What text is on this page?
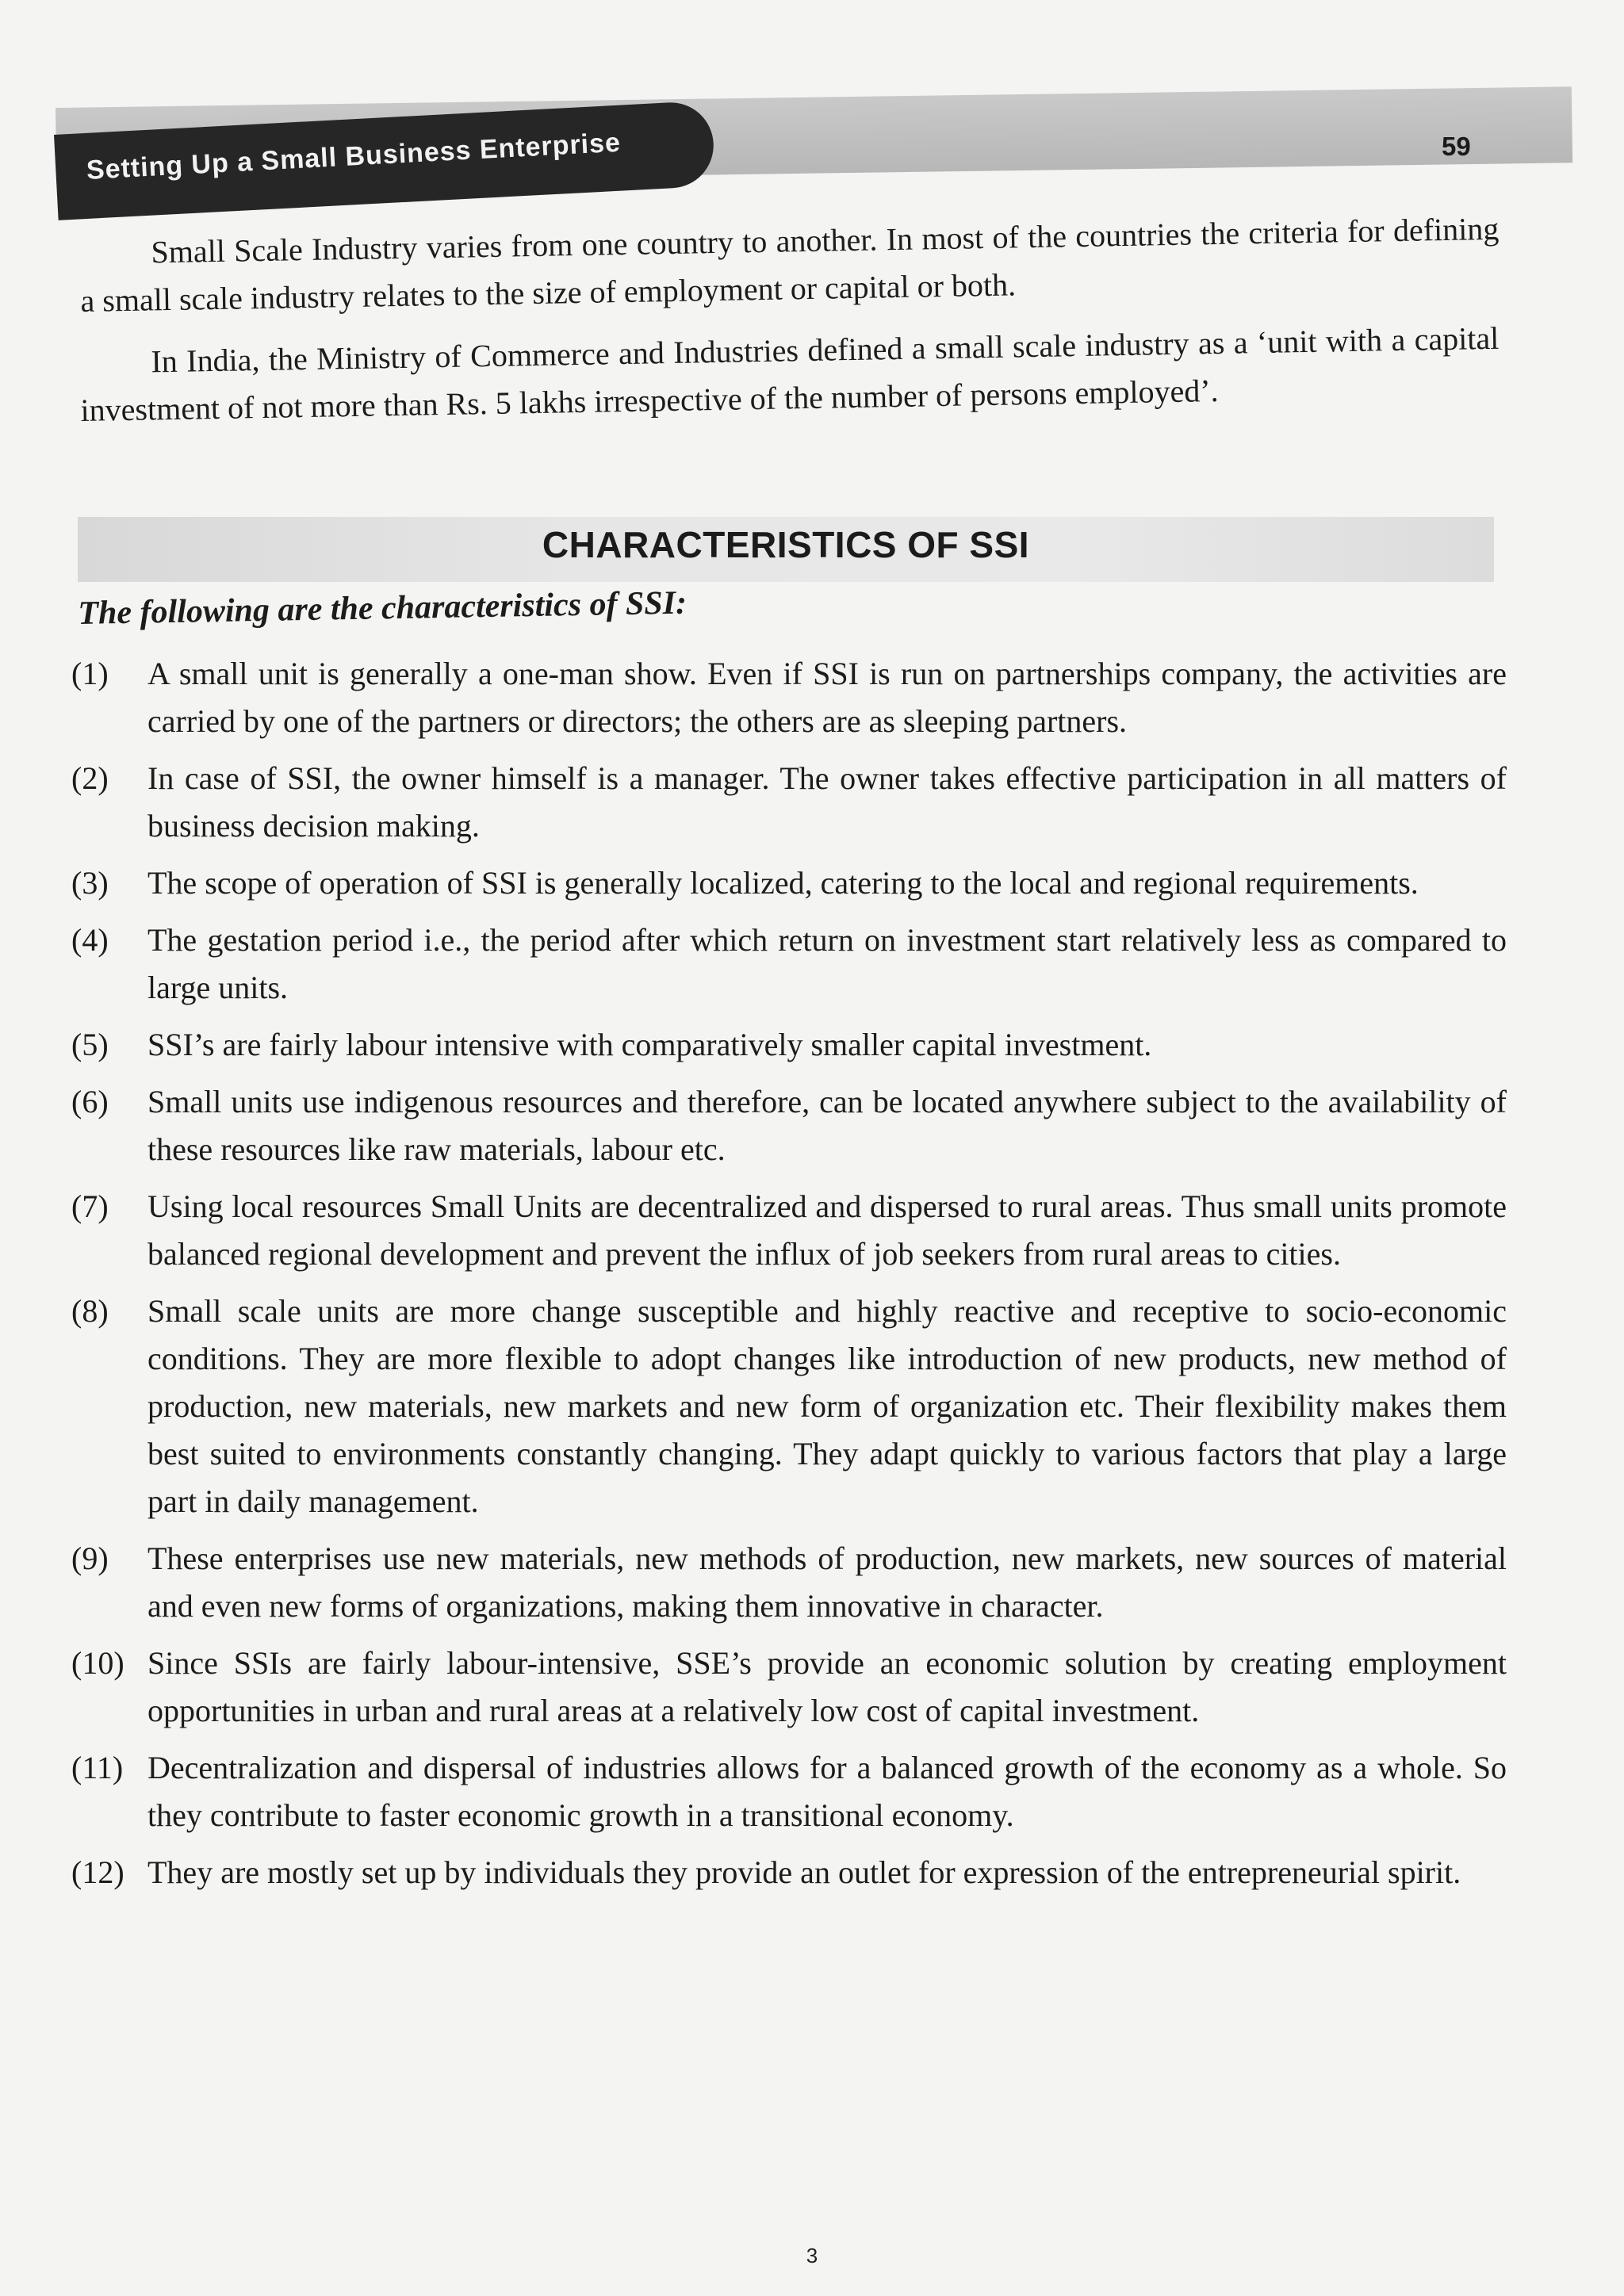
Setting Up a Small Business Enterprise	59

Small Scale Industry varies from one country to another. In most of the countries the criteria for defining a small scale industry relates to the size of employment or capital or both.

In India, the Ministry of Commerce and Industries defined a small scale industry as a ‘unit with a capital investment of not more than Rs. 5 lakhs irrespective of the number of persons employed’.

CHARACTERISTICS OF SSI
The following are the characteristics of SSI:
(1)	A small unit is generally a one-man show. Even if SSI is run on partnerships company, the activities are carried by one of the partners or directors; the others are as sleeping partners.
(2)	In case of SSI, the owner himself is a manager. The owner takes effective participation in all matters of business decision making.
(3)	The scope of operation of SSI is generally localized, catering to the local and regional requirements.
(4)	The gestation period i.e., the period after which return on investment start relatively less as compared to large units.
(5)	SSI’s are fairly labour intensive with comparatively smaller capital investment.
(6)	Small units use indigenous resources and therefore, can be located anywhere subject to the availability of these resources like raw materials, labour etc.
(7)	Using local resources Small Units are decentralized and dispersed to rural areas. Thus small units promote balanced regional development and prevent the influx of job seekers from rural areas to cities.
(8)	Small scale units are more change susceptible and highly reactive and receptive to socio-economic conditions. They are more flexible to adopt changes like introduction of new products, new method of production, new materials, new markets and new form of organization etc. Their flexibility makes them best suited to environments constantly changing. They adapt quickly to various factors that play a large part in daily management.
(9)	These enterprises use new materials, new methods of production, new markets, new sources of material and even new forms of organizations, making them innovative in character.
(10) Since SSIs are fairly labour-intensive, SSE’s provide an economic solution by creating employment opportunities in urban and rural areas at a relatively low cost of capital investment.
(11) Decentralization and dispersal of industries allows for a balanced growth of the economy as a whole. So they contribute to faster economic growth in a transitional economy.
(12) They are mostly set up by individuals they provide an outlet for expression of the entrepreneurial spirit.
3
